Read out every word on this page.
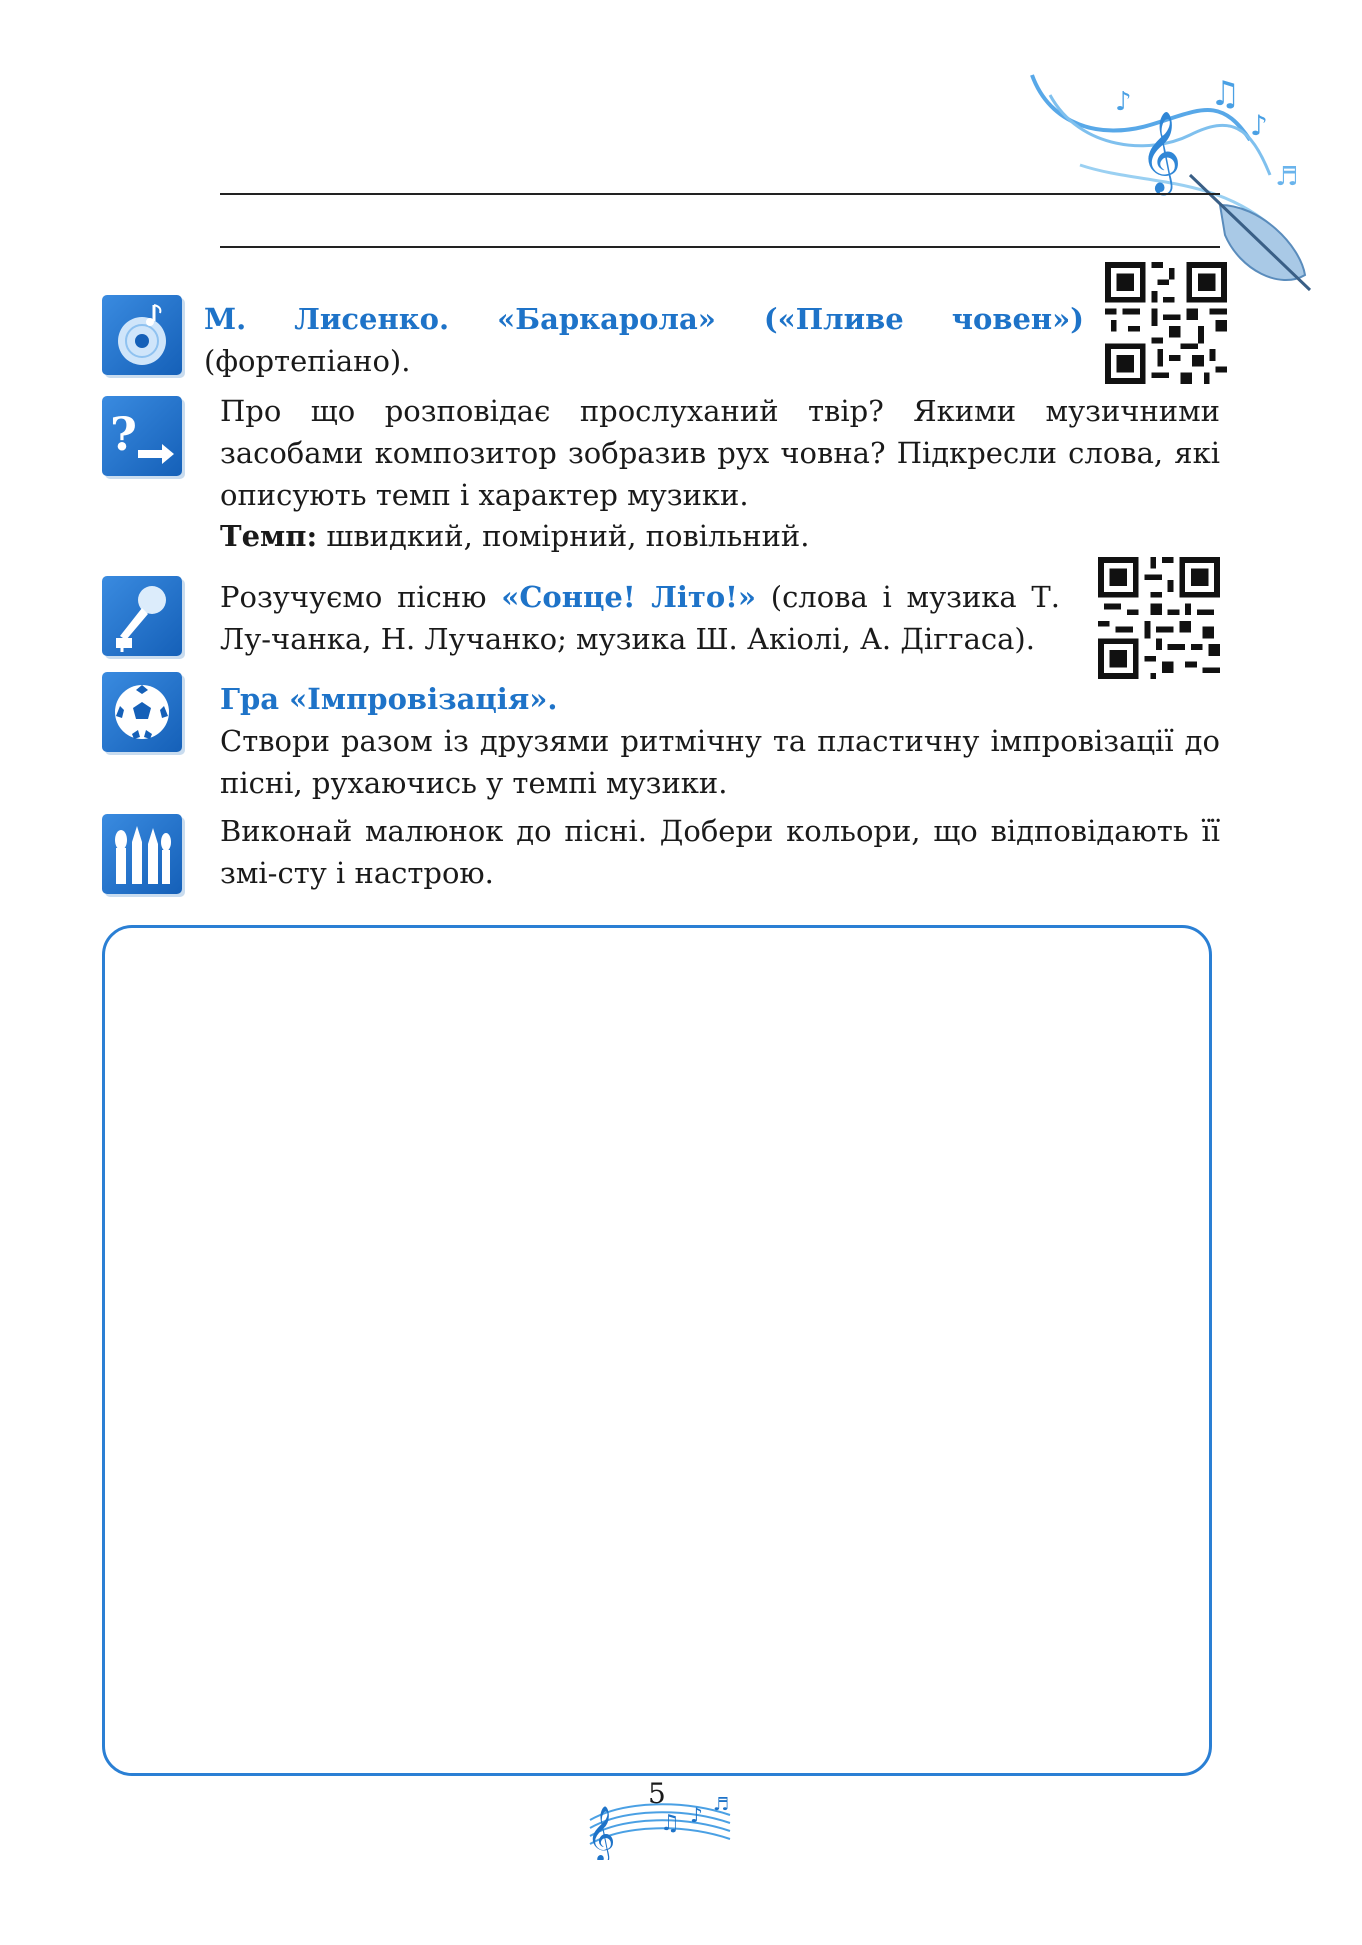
𝄞
♫
♪
♪
♬
М. Лисенко. «Баркарола» («Пливе човен») (фортепіано).
?	Про що розповідає прослуханий твір? Якими музичними засобами композитор зобразив рух човна? Підкресли слова, які описують темп і характер музики.
Темп: швидкий, помірний, повільний.
Розучуємо пісню «Сонце! Літо!» (слова і музика Т. Лу-чанка, Н. Лучанко; музика Ш. Акіолі, А. Діггаса).
Гра «Імпровізація».
Створи разом із друзями ритмічну та пластичну імпровізації до пісні, рухаючись у темпі музики.
Виконай малюнок до пісні. Добери кольори, що відповідають її змі-сту і настрою.
𝄞 ♫ ♪ ♬
5
